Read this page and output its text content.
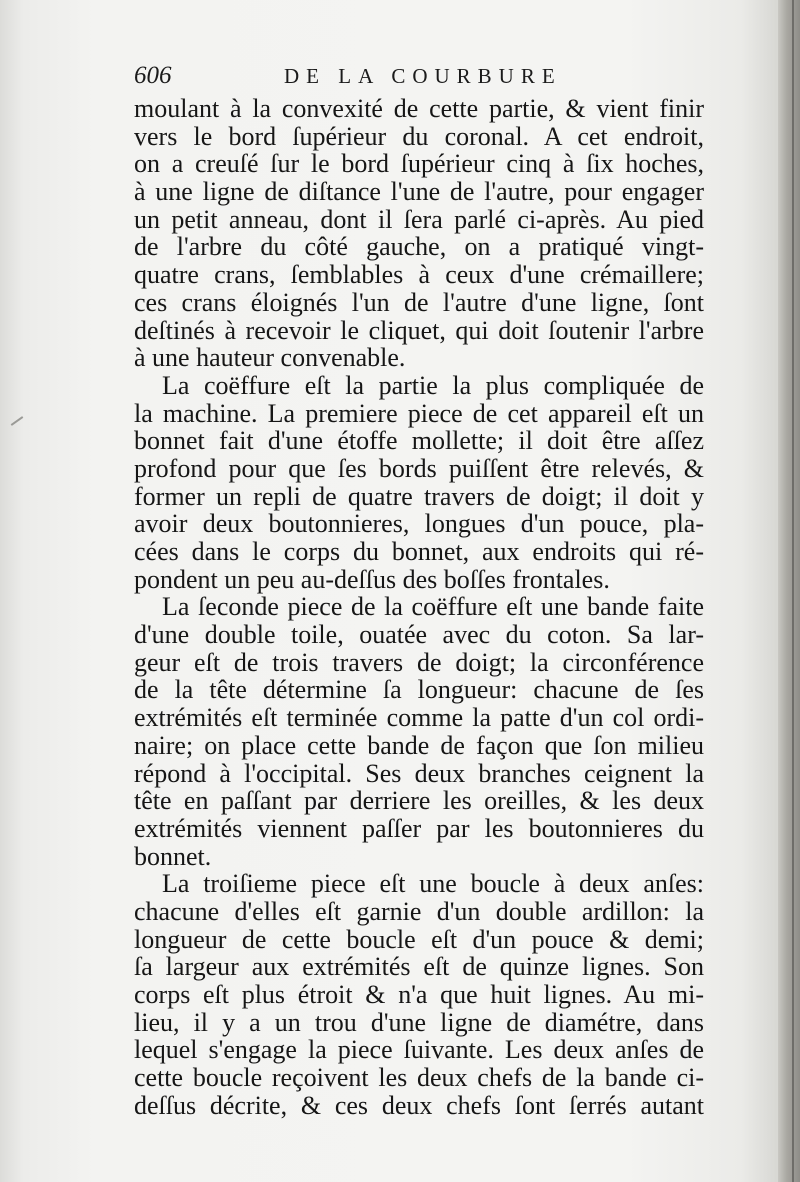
606	DE LA COURBURE
moulant à la convexité de cette partie, & vient finir
vers le bord ſupérieur du coronal. A cet endroit,
on a creuſé ſur le bord ſupérieur cinq à ſix hoches,
à une ligne de diſtance l'une de l'autre, pour engager
un petit anneau, dont il ſera parlé ci-après. Au pied
de l'arbre du côté gauche, on a pratiqué vingt-
quatre crans, ſemblables à ceux d'une crémaillere;
ces crans éloignés l'un de l'autre d'une ligne, ſont
deſtinés à recevoir le cliquet, qui doit ſoutenir l'arbre
à une hauteur convenable.
La coëffure eſt la partie la plus compliquée de
la machine. La premiere piece de cet appareil eſt un
bonnet fait d'une étoffe mollette; il doit être aſſez
profond pour que ſes bords puiſſent être relevés, &
former un repli de quatre travers de doigt; il doit y
avoir deux boutonnieres, longues d'un pouce, pla-
cées dans le corps du bonnet, aux endroits qui ré-
pondent un peu au-deſſus des boſſes frontales.
La ſeconde piece de la coëffure eſt une bande faite
d'une double toile, ouatée avec du coton. Sa lar-
geur eſt de trois travers de doigt; la circonférence
de la tête détermine ſa longueur: chacune de ſes
extrémités eſt terminée comme la patte d'un col ordi-
naire; on place cette bande de façon que ſon milieu
répond à l'occipital. Ses deux branches ceignent la
tête en paſſant par derriere les oreilles, & les deux
extrémités viennent paſſer par les boutonnieres du
bonnet.
La troiſieme piece eſt une boucle à deux anſes:
chacune d'elles eſt garnie d'un double ardillon: la
longueur de cette boucle eſt d'un pouce & demi;
ſa largeur aux extrémités eſt de quinze lignes. Son
corps eſt plus étroit & n'a que huit lignes. Au mi-
lieu, il y a un trou d'une ligne de diamétre, dans
lequel s'engage la piece ſuivante. Les deux anſes de
cette boucle reçoivent les deux chefs de la bande ci-
deſſus décrite, & ces deux chefs ſont ſerrés autant
